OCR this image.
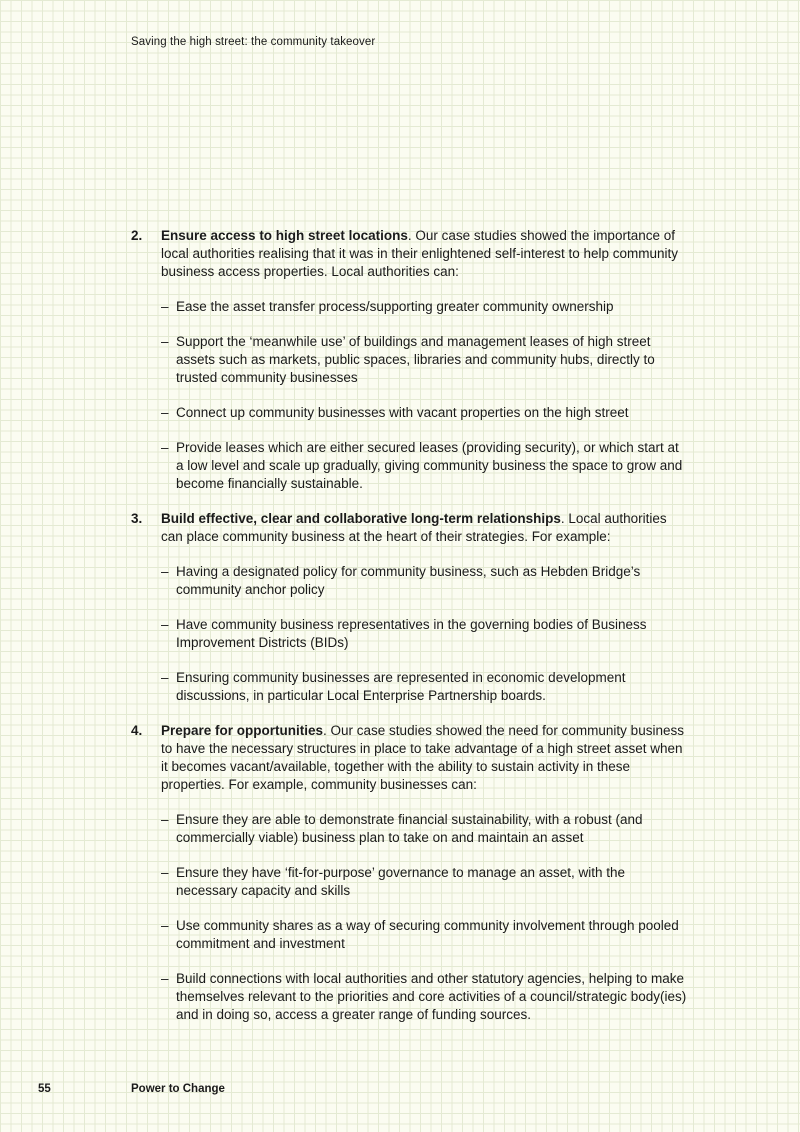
Saving the high street: the community takeover
2.	Ensure access to high street locations. Our case studies showed the importance of local authorities realising that it was in their enlightened self-interest to help community business access properties. Local authorities can:

– Ease the asset transfer process/supporting greater community ownership
– Support the ‘meanwhile use’ of buildings and management leases of high street assets such as markets, public spaces, libraries and community hubs, directly to trusted community businesses
– Connect up community businesses with vacant properties on the high street
– Provide leases which are either secured leases (providing security), or which start at a low level and scale up gradually, giving community business the space to grow and become financially sustainable.
3.	Build effective, clear and collaborative long-term relationships. Local authorities can place community business at the heart of their strategies. For example:

– Having a designated policy for community business, such as Hebden Bridge’s community anchor policy
– Have community business representatives in the governing bodies of Business Improvement Districts (BIDs)
– Ensuring community businesses are represented in economic development discussions, in particular Local Enterprise Partnership boards.
4.	Prepare for opportunities. Our case studies showed the need for community business to have the necessary structures in place to take advantage of a high street asset when it becomes vacant/available, together with the ability to sustain activity in these properties. For example, community businesses can:

– Ensure they are able to demonstrate financial sustainability, with a robust (and commercially viable) business plan to take on and maintain an asset
– Ensure they have ‘fit-for-purpose’ governance to manage an asset, with the necessary capacity and skills
– Use community shares as a way of securing community involvement through pooled commitment and investment
– Build connections with local authorities and other statutory agencies, helping to make themselves relevant to the priorities and core activities of a council/strategic body(ies) and in doing so, access a greater range of funding sources.
55	Power to Change
